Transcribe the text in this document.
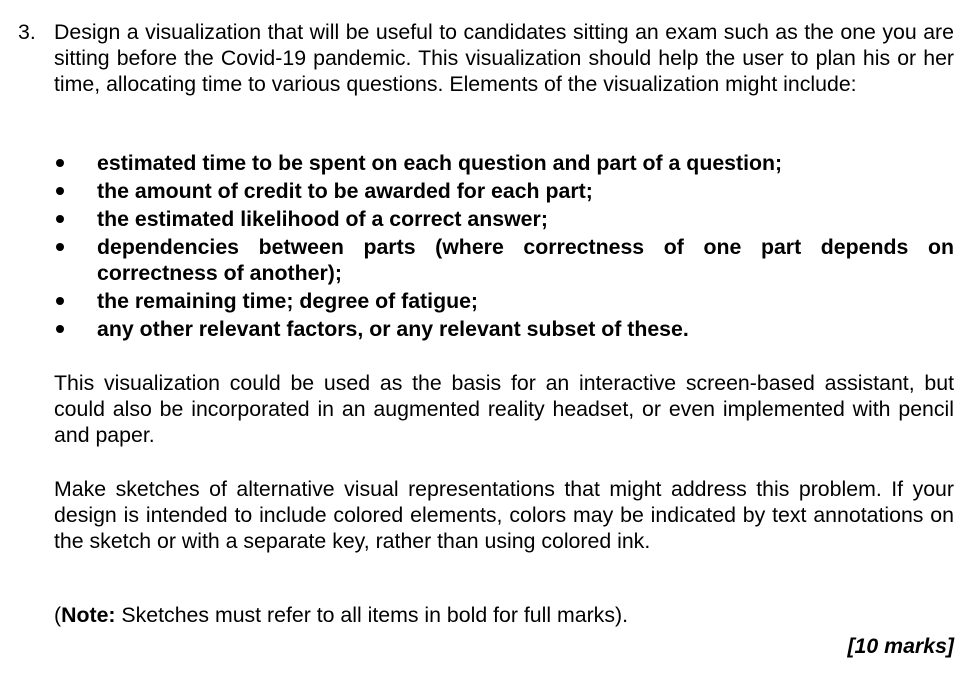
3. Design a visualization that will be useful to candidates sitting an exam such as the one you are sitting before the Covid-19 pandemic. This visualization should help the user to plan his or her time, allocating time to various questions. Elements of the visualization might include:

estimated time to be spent on each question and part of a question;
the amount of credit to be awarded for each part;
the estimated likelihood of a correct answer;
dependencies between parts (where correctness of one part depends on correctness of another);
the remaining time; degree of fatigue;
any other relevant factors, or any relevant subset of these.

This visualization could be used as the basis for an interactive screen-based assistant, but could also be incorporated in an augmented reality headset, or even implemented with pencil and paper.

Make sketches of alternative visual representations that might address this problem. If your design is intended to include colored elements, colors may be indicated by text annotations on the sketch or with a separate key, rather than using colored ink.

(Note: Sketches must refer to all items in bold for full marks).

[10 marks]
